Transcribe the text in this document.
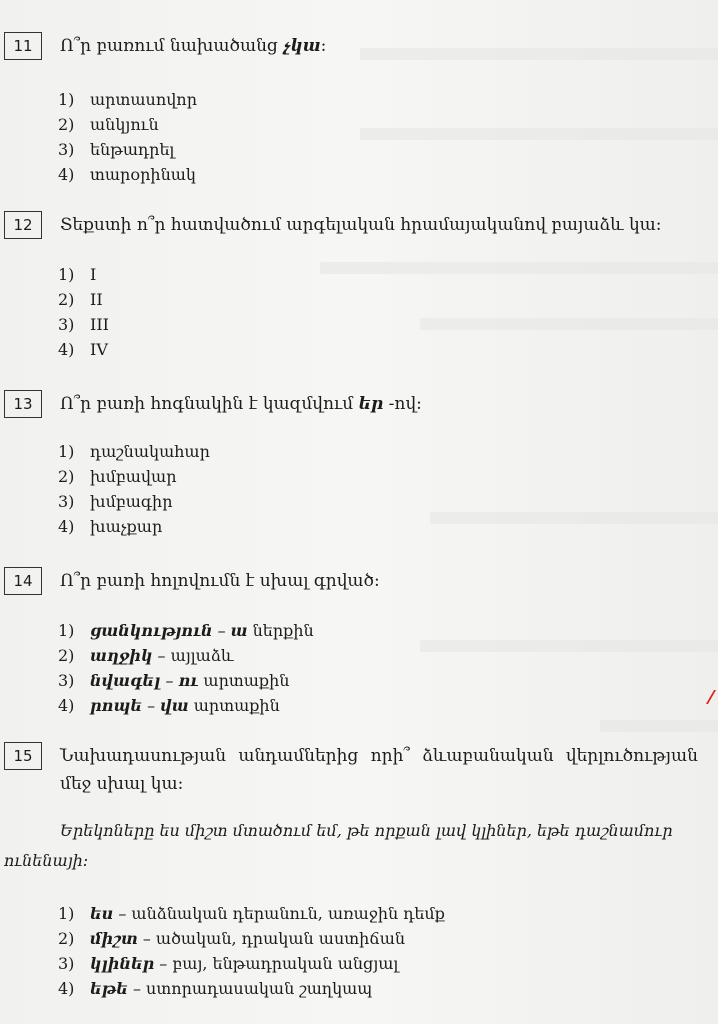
11	Ո՞ր բառում նախածանց չկա:
1) արտասովոր
2) անկյուն
3) ենթադրել
4) տարօրինակ
12	Տեքստի ո՞ր հատվածում արգելական հրամայականով բայաձև կա:
1) I
2) II
3) III
4) IV
13	Ո՞ր բառի հոգնակին է կազմվում եր -ով:
1) դաշնակահար
2) խմբավար
3) խմբագիր
4) խաչքար
14	Ո՞ր բառի հոլովումն է սխալ գրված:
1) ցանկություն – ա ներքին
2) աղջիկ – այլաձև
3) նվագել – ու արտաքին
4) րոպե – վա արտաքին
15	Նախադասության անդամներից որի՞ ձևաբանական վերլուծության մեջ սխալ կա:
Երեկոները ես միշտ մտածում եմ, թե որքան լավ կլիներ, եթե դաշնամուր ունենայի:
1) ես – անձնական դերանուն, առաջին դեմք
2) միշտ – ածական, դրական աստիճան
3) կլիներ – բայ, ենթադրական անցյալ
4) եթե – ստորադասական շաղկապ
